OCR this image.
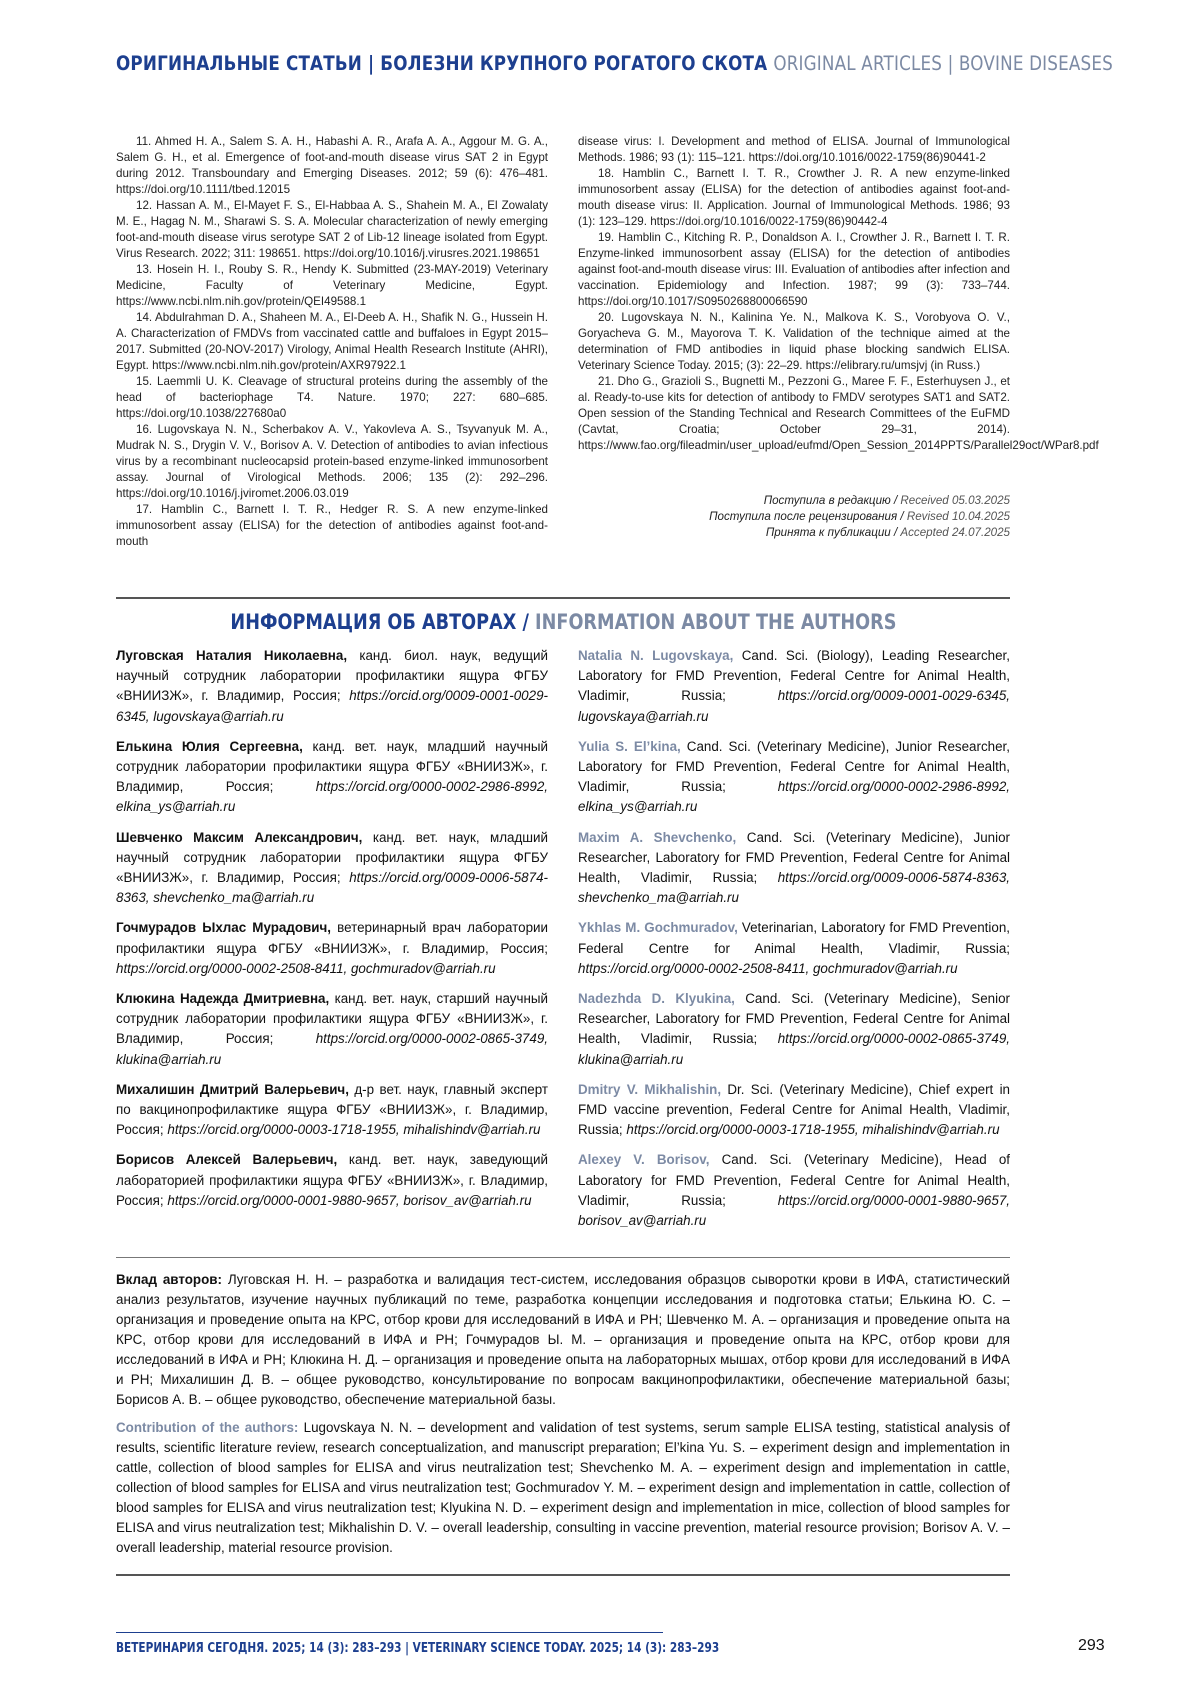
ОРИГИНАЛЬНЫЕ СТАТЬИ | БОЛЕЗНИ КРУПНОГО РОГАТОГО СКОТА ORIGINAL ARTICLES | BOVINE DISEASES

11. Ahmed H. A., Salem S. A. H., Habashi A. R., Arafa A. A., Aggour M. G. A., Salem G. H., et al. Emergence of foot-and-mouth disease virus SAT 2 in Egypt during 2012. Transboundary and Emerging Diseases. 2012; 59 (6): 476–481. https://doi.org/10.1111/tbed.12015

12. Hassan A. M., El-Mayet F. S., El-Habbaa A. S., Shahein M. A., El Zowalaty M. E., Hagag N. M., Sharawi S. S. A. Molecular characterization of newly emerging foot-and-mouth disease virus serotype SAT 2 of Lib-12 lineage isolated from Egypt. Virus Research. 2022; 311: 198651. https://doi.org/10.1016/j.virusres.2021.198651

13. Hosein H. I., Rouby S. R., Hendy K. Submitted (23-MAY-2019) Veterinary Medicine, Faculty of Veterinary Medicine, Egypt. https://www.ncbi.nlm.nih.gov/protein/QEI49588.1

14. Abdulrahman D. A., Shaheen M. A., El-Deeb A. H., Shafik N. G., Hussein H. A. Characterization of FMDVs from vaccinated cattle and buffaloes in Egypt 2015–2017. Submitted (20-NOV-2017) Virology, Animal Health Research Institute (AHRI), Egypt. https://www.ncbi.nlm.nih.gov/protein/AXR97922.1

15. Laemmli U. K. Cleavage of structural proteins during the assembly of the head of bacteriophage T4. Nature. 1970; 227: 680–685. https://doi.org/10.1038/227680a0

16. Lugovskaya N. N., Scherbakov A. V., Yakovleva A. S., Tsyvanyuk M. A., Mudrak N. S., Drygin V. V., Borisov A. V. Detection of antibodies to avian infectious virus by a recombinant nucleocapsid protein-based enzyme-linked immunosorbent assay. Journal of Virological Methods. 2006; 135 (2): 292–296. https://doi.org/10.1016/j.jviromet.2006.03.019

17. Hamblin C., Barnett I. T. R., Hedger R. S. A new enzyme-linked immunosorbent assay (ELISA) for the detection of antibodies against foot-and-mouth

disease virus: I. Development and method of ELISA. Journal of Immunological Methods. 1986; 93 (1): 115–121. https://doi.org/10.1016/0022-1759(86)90441-2

18. Hamblin C., Barnett I. T. R., Crowther J. R. A new enzyme-linked immunosorbent assay (ELISA) for the detection of antibodies against foot-and-mouth disease virus: II. Application. Journal of Immunological Methods. 1986; 93 (1): 123–129. https://doi.org/10.1016/0022-1759(86)90442-4

19. Hamblin C., Kitching R. P., Donaldson A. I., Crowther J. R., Barnett I. T. R. Enzyme-linked immunosorbent assay (ELISA) for the detection of antibodies against foot-and-mouth disease virus: III. Evaluation of antibodies after infection and vaccination. Epidemiology and Infection. 1987; 99 (3): 733–744. https://doi.org/10.1017/S0950268800066590

20. Lugovskaya N. N., Kalinina Ye. N., Malkova K. S., Vorobyova O. V., Goryacheva G. M., Mayorova T. K. Validation of the technique aimed at the determination of FMD antibodies in liquid phase blocking sandwich ELISA. Veterinary Science Today. 2015; (3): 22–29. https://elibrary.ru/umsjvj (in Russ.)

21. Dho G., Grazioli S., Bugnetti M., Pezzoni G., Maree F. F., Esterhuysen J., et al. Ready-to-use kits for detection of antibody to FMDV serotypes SAT1 and SAT2. Open session of the Standing Technical and Research Committees of the EuFMD (Cavtat, Croatia; October 29–31, 2014). https://www.fao.org/fileadmin/user_upload/eufmd/Open_Session_2014PPTS/Parallel29oct/WPar8.pdf

Поступила в редакцию / Received 05.03.2025
Поступила после рецензирования / Revised 10.04.2025
Принята к публикации / Accepted 24.07.2025
ИНФОРМАЦИЯ ОБ АВТОРАХ / INFORMATION ABOUT THE AUTHORS

Луговская Наталия Николаевна, канд. биол. наук, ведущий научный сотрудник лаборатории профилактики ящура ФГБУ «ВНИИЗЖ», г. Владимир, Россия; https://orcid.org/0009-0001-0029-6345, lugovskaya@arriah.ru

Елькина Юлия Сергеевна, канд. вет. наук, младший научный сотрудник лаборатории профилактики ящура ФГБУ «ВНИИЗЖ», г. Владимир, Россия;	https://orcid.org/0000-0002-2986-8992, elkina_ys@arriah.ru

Шевченко Максим Александрович, канд. вет. наук, младший научный сотрудник лаборатории профилактики ящура ФГБУ «ВНИИЗЖ», г. Владимир, Россия; https://orcid.org/0009-0006-5874-8363, shevchenko_ma@arriah.ru

Гочмурадов Ыхлас Мурадович, ветеринарный врач лаборатории профилактики ящура ФГБУ «ВНИИЗЖ», г. Владимир, Россия; https://orcid.org/0000-0002-2508-8411, gochmuradov@arriah.ru

Клюкина Надежда Дмитриевна, канд. вет. наук, старший научный сотрудник лаборатории профилактики ящура ФГБУ «ВНИИЗЖ», г. Владимир, Россия;	https://orcid.org/0000-0002-0865-3749, klukina@arriah.ru

Михалишин Дмитрий Валерьевич, д-р вет. наук, главный эксперт по вакцинопрофилактике ящура ФГБУ «ВНИИЗЖ», г. Владимир, Россия; https://orcid.org/0000-0003-1718-1955, mihalishindv@arriah.ru

Борисов Алексей Валерьевич, канд. вет. наук, заведующий лабораторией профилактики ящура ФГБУ «ВНИИЗЖ», г. Владимир, Россия; https://orcid.org/0000-0001-9880-9657, borisov_av@arriah.ru

Natalia N. Lugovskaya, Cand. Sci. (Biology), Leading Researcher, Laboratory for FMD Prevention, Federal Centre for Animal Health, Vladimir, Russia;	https://orcid.org/0009-0001-0029-6345, lugovskaya@arriah.ru

Yulia S. El’kina, Cand. Sci. (Veterinary Medicine), Junior Researcher, Laboratory for FMD Prevention, Federal Centre for Animal Health, Vladimir, Russia;	https://orcid.org/0000-0002-2986-8992, elkina_ys@arriah.ru

Maxim A. Shevchenko, Cand. Sci. (Veterinary Medicine), Junior Researcher, Laboratory for FMD Prevention, Federal Centre for Animal Health, Vladimir, Russia; https://orcid.org/0009-0006-5874-8363, shevchenko_ma@arriah.ru

Ykhlas M. Gochmuradov, Veterinarian, Laboratory for FMD Prevention, Federal Centre for Animal Health, Vladimir, Russia; https://orcid.org/0000-0002-2508-8411, gochmuradov@arriah.ru

Nadezhda D. Klyukina, Cand. Sci. (Veterinary Medicine), Senior Researcher, Laboratory for FMD Prevention, Federal Centre for Animal Health, Vladimir, Russia; https://orcid.org/0000-0002-0865-3749, klukina@arriah.ru

Dmitry V. Mikhalishin, Dr. Sci. (Veterinary Medicine), Chief expert in FMD vaccine prevention, Federal Centre for Animal Health, Vladimir, Russia; https://orcid.org/0000-0003-1718-1955, mihalishindv@arriah.ru

Alexey V. Borisov, Cand. Sci. (Veterinary Medicine), Head of Laboratory for FMD Prevention, Federal Centre for Animal Health, Vladimir, Russia;	https://orcid.org/0000-0001-9880-9657, borisov_av@arriah.ru

Вклад авторов: Луговская Н. Н. – разработка и валидация тест-систем, исследования образцов сыворотки крови в ИФА, статистический анализ результатов, изучение научных публикаций по теме, разработка концепции исследования и подготовка статьи; Елькина Ю. С. – организация и проведение опыта на КРС, отбор крови для исследований в ИФА и РН; Шевченко М. А. – организация и проведение опыта на КРС, отбор крови для исследований в ИФА и РН; Гочмурадов Ы. М. – организация и проведение опыта на КРС, отбор крови для исследований в ИФА и РН; Клюкина Н. Д. – организация и проведение опыта на лабораторных мышах, отбор крови для исследований в ИФА и РН; Михалишин Д. В. – общее руководство, консультирование по вопросам вакцинопрофилактики, обеспечение материальной базы; Борисов А. В. – общее руководство, обеспечение материальной базы.
Contribution of the authors: Lugovskaya N. N. – development and validation of test systems, serum sample ELISA testing, statistical analysis of results, scientific literature review, research conceptualization, and manuscript preparation; El’kina Yu. S. – experiment design and implementation in cattle, collection of blood samples for ELISA and virus neutralization test; Shevchenko M. A. – experiment design and implementation in cattle, collection of blood samples for ELISA and virus neutralization test; Gochmuradov Y. M. – experiment design and implementation in cattle, collection of blood samples for ELISA and virus neutralization test; Klyukina N. D. – experiment design and implementation in mice, collection of blood samples for ELISA and virus neutralization test; Mikhalishin D. V. – overall leadership, consulting in vaccine prevention, material resource provision; Borisov A. V. – overall leadership, material resource provision.
ВЕТЕРИНАРИЯ СЕГОДНЯ. 2025; 14 (3): 283–293 | VETERINARY SCIENCE TODAY. 2025; 14 (3): 283–293	293
